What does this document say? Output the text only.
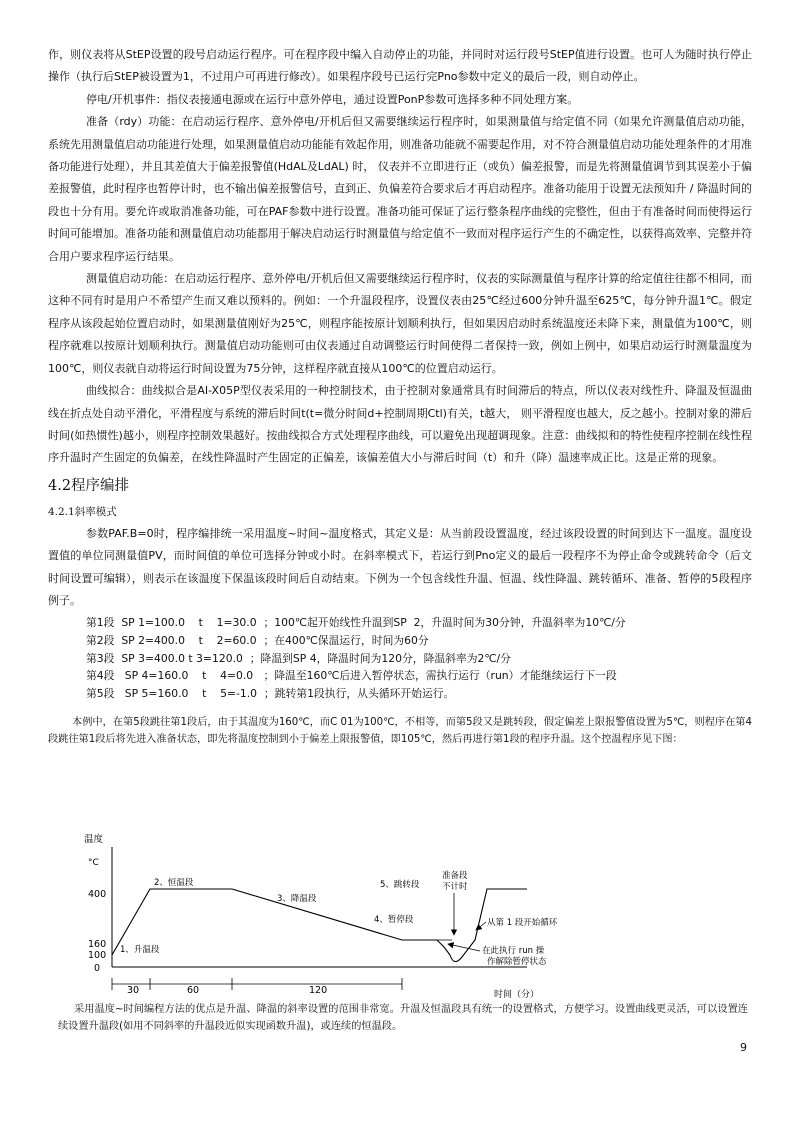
作，则仪表将从StEP设置的段号启动运行程序。可在程序段中编入自动停止的功能，并同时对运行段号StEP值进行设置。也可人为随时执行停止操作（执行后StEP被设置为1，不过用户可再进行修改）。如果程序段号已运行完Pno参数中定义的最后一段，则自动停止。

停电/开机事件：指仪表接通电源或在运行中意外停电，通过设置PonP参数可选择多种不同处理方案。

准备（rdy）功能：在启动运行程序、意外停电/开机后但又需要继续运行程序时，如果测量值与给定值不同（如果允许测量值启动功能，系统先用测量值启动功能进行处理，如果测量值启动功能能有效起作用，则准备功能就不需要起作用，对不符合测量值启动功能处理条件的才用准备功能进行处理），并且其差值大于偏差报警值(HdAL及LdAL) 时， 仪表并不立即进行正（或负）偏差报警，而是先将测量值调节到其误差小于偏差报警值，此时程序也暂停计时，也不输出偏差报警信号，直到正、负偏差符合要求后才再启动程序。准备功能用于设置无法预知升 / 降温时间的段也十分有用。要允许或取消准备功能，可在PAF参数中进行设置。准备功能可保证了运行整条程序曲线的完整性，但由于有准备时间而使得运行时间可能增加。准备功能和测量值启动功能都用于解决启动运行时测量值与给定值不一致而对程序运行产生的不确定性，以获得高效率、完整并符合用户要求程序运行结果。

测量值启动功能：在启动运行程序、意外停电/开机后但又需要继续运行程序时，仪表的实际测量值与程序计算的给定值往往都不相同，而这种不同有时是用户不希望产生而又难以预料的。例如：一个升温段程序，设置仪表由25℃经过600分钟升温至625℃，每分钟升温1℃。假定程序从该段起始位置启动时，如果测量值刚好为25℃，则程序能按原计划顺利执行，但如果因启动时系统温度还未降下来，测量值为100℃，则程序就难以按原计划顺利执行。测量值启动功能则可由仪表通过自动调整运行时间使得二者保持一致，例如上例中，如果启动运行时测量温度为100℃，则仪表就自动将运行时间设置为75分钟，这样程序就直接从100℃的位置启动运行。

曲线拟合：曲线拟合是AI-X05P型仪表采用的一种控制技术，由于控制对象通常具有时间滞后的特点，所以仪表对线性升、降温及恒温曲线在折点处自动平滑化，平滑程度与系统的滞后时间t(t=微分时间d+控制周期Ctl)有关，t越大， 则平滑程度也越大，反之越小。控制对象的滞后时间(如热惯性)越小，则程序控制效果越好。按曲线拟合方式处理程序曲线，可以避免出现超调现象。注意：曲线拟和的特性使程序控制在线性程序升温时产生固定的负偏差，在线性降温时产生固定的正偏差，该偏差值大小与滞后时间（t）和升（降）温速率成正比。这是正常的现象。

4.2程序编排
4.2.1斜率模式

参数PAF.B=0时，程序编排统一采用温度~时间~温度格式，其定义是：从当前段设置温度，经过该段设置的时间到达下一温度。温度设置值的单位同测量值PV，而时间值的单位可选择分钟或小时。在斜率模式下，若运行到Pno定义的最后一段程序不为停止命令或跳转命令（后文时间设置可编辑），则表示在该温度下保温该段时间后自动结束。下例为一个包含线性升温、恒温、线性降温、跳转循环、准备、暂停的5段程序例子。

第1段  SP 1=100.0    t    1=30.0  ；100℃起开始线性升温到SP  2，升温时间为30分钟，升温斜率为10℃/分
第2段  SP 2=400.0    t    2=60.0  ；在400℃保温运行，时间为60分
第3段  SP 3=400.0 t 3=120.0  ；降温到SP 4，降温时间为120分，降温斜率为2℃/分
第4段   SP 4=160.0    t    4=0.0   ；降温至160℃后进入暂停状态，需执行运行（run）才能继续运行下一段
第5段   SP 5=160.0    t    5=-1.0  ；跳转第1段执行，从头循环开始运行。

本例中，在第5段跳往第1段后，由于其温度为160℃，而C 01为100℃，不相等，而第5段又是跳转段，假定偏差上限报警值设置为5℃，则程序在第4段跳往第1段后将先进入准备状态，即先将温度控制到小于偏差上限报警值，即105℃，然后再进行第1段的程序升温。这个控温程序见下图：

温度
°C
400
160
100
0
30	60	120	时间（分）
1、升温段
2、恒温段
3、降温段
4、暂停段
5、跳转段
准备段
不计时
从第 1 段开始循环
在此执行 run 操
作解除暂停状态

采用温度~时间编程方法的优点是升温、降温的斜率设置的范围非常宽。升温及恒温段具有统一的设置格式，方便学习。设置曲线更灵活，可以设置连续设置升温段(如用不同斜率的升温段近似实现函数升温)，或连续的恒温段。

9
